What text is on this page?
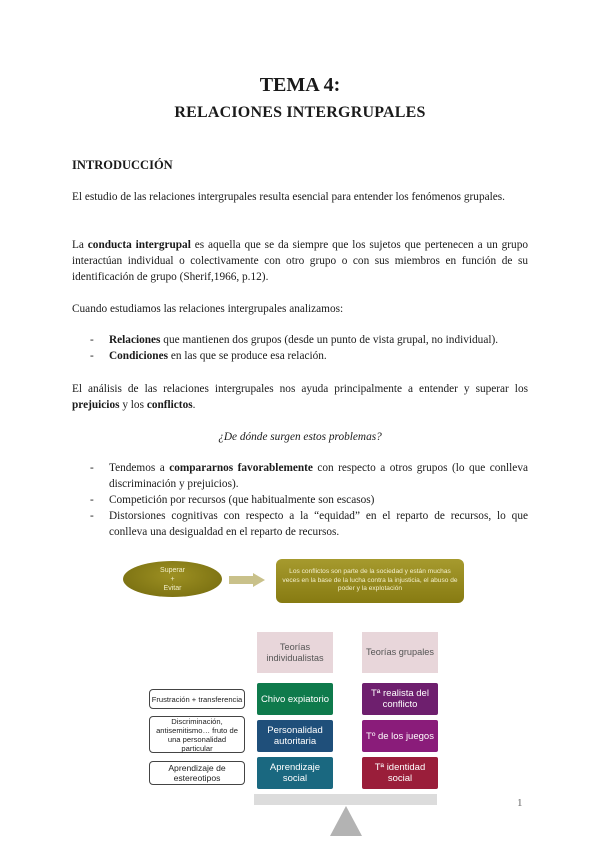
TEMA 4:
RELACIONES INTERGRUPALES
INTRODUCCIÓN
El estudio de las relaciones intergrupales resulta esencial para entender los fenómenos grupales.
La conducta intergrupal es aquella que se da siempre que los sujetos que pertenecen a un grupo interactúan individual o colectivamente con otro grupo o con sus miembros en función de su identificación de grupo (Sherif,1966, p.12).
Cuando estudiamos las relaciones intergrupales analizamos:
- Relaciones que mantienen dos grupos (desde un punto de vista grupal, no individual).
- Condiciones en las que se produce esa relación.
El análisis de las relaciones intergrupales nos ayuda principalmente a entender y superar los prejuicios y los conflictos.
¿De dónde surgen estos problemas?
- Tendemos a compararnos favorablemente con respecto a otros grupos (lo que conlleva discriminación y prejuicios).
- Competición por recursos (que habitualmente son escasos)
- Distorsiones cognitivas con respecto a la “equidad” en el reparto de recursos, lo que conlleva una desigualdad en el reparto de recursos.
Superar
+
Evitar
Los conflictos son parte de la sociedad y están muchas veces en la base de la lucha contra la injusticia, el abuso de poder y la explotación
Teorías individualistas
Teorías grupales
Chivo expiatorio
Personalidad autoritaria
Aprendizaje social
Tª realista del conflicto
Tº de los juegos
Tª identidad social
Frustración + transferencia
Discriminación, antisemitismo… fruto de una personalidad particular
Aprendizaje de estereotipos
1
